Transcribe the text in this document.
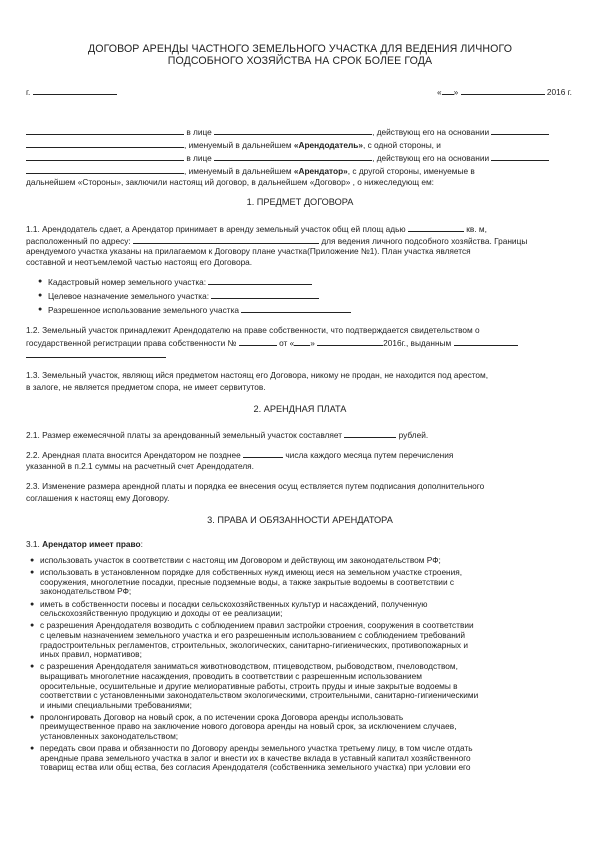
ДОГОВОР АРЕНДЫ ЧАСТНОГО ЗЕМЕЛЬНОГО УЧАСТКА ДЛЯ ВЕДЕНИЯ ЛИЧНОГО
ПОДСОБНОГО ХОЗЯЙСТВА НА СРОК БОЛЕЕ ГОДА
г.	« »	2016 г.
в лице	, действующ его на основании
, именуемый в дальнейшем «Арендодатель», с одной стороны, и
в лице	, действующ его на основании
, именуемый в дальнейшем «Арендатор», с другой стороны, именуемые в
дальнейшем «Стороны», заключили настоящ ий договор, в дальнейшем «Договор» , о нижеследующ ем:
1. ПРЕДМЕТ ДОГОВОРА
1.1. Арендодатель сдает, а Арендатор принимает в аренду земельный участок общ ей площ адью	кв. м,
расположенный по адресу:	для ведения личного подсобного хозяйства. Границы
арендуемого участка указаны на прилагаемом к Договору плане участка(Приложение №1). План участка является
составной и неотъемлемой частью настоящ его Договора.
● Кадастровый номер земельного участка:
● Целевое назначение земельного участка:
● Разрешенное использование земельного участка
1.2. Земельный участок принадлежит Арендодателю на праве собственности, что подтверждается свидетельством о
государственной регистрации права собственности №	от « »	2016г., выданным
1.3. Земельный участок, являющ ийся предметом настоящ его Договора, никому не продан, не находится под арестом,
в залоге, не является предметом спора, не имеет сервитутов.
2. АРЕНДНАЯ ПЛАТА
2.1. Размер ежемесячной платы за арендованный земельный участок составляет	рублей.
2.2. Арендная плата вносится Арендатором не позднее	числа каждого месяца путем перечисления
указанной в п.2.1 суммы на расчетный счет Арендодателя.
2.3. Изменение размера арендной платы и порядка ее внесения осущ ествляется путем подписания дополнительного
соглашения к настоящ ему Договору.
3. ПРАВА И ОБЯЗАННОСТИ АРЕНДАТОРА
3.1. Арендатор имеет право:
● использовать участок в соответствии с настоящ им Договором и действующ им законодательством РФ;
● использовать в установленном порядке для собственных нужд имеющ иеся на земельном участке строения,
сооружения, многолетние посадки, пресные подземные воды, а также закрытые водоемы в соответствии с
законодательством РФ;
● иметь в собственности посевы и посадки сельскохозяйственных культур и насаждений, полученную
сельскохозяйственную продукцию и доходы от ее реализации;
● с разрешения Арендодателя возводить с соблюдением правил застройки строения, сооружения в соответствии
с целевым назначением земельного участка и его разрешенным использованием с соблюдением требований
градостроительных регламентов, строительных, экологических, санитарно-гигиенических, противопожарных и
иных правил, нормативов;
● с разрешения Арендодателя заниматься животноводством, птицеводством, рыбоводством, пчеловодством,
выращивать многолетние насаждения, проводить в соответствии с разрешенным использованием
оросительные, осушительные и другие мелиоративные работы, строить пруды и иные закрытые водоемы в
соответствии с установленными законодательством экологическими, строительными, санитарно-гигиеническими
и иными специальными требованиями;
● пролонгировать Договор на новый срок, а по истечении срока Договора аренды использовать
преимущественное право на заключение нового договора аренды на новый срок, за исключением случаев,
установленных законодательством;
● передать свои права и обязанности по Договору аренды земельного участка третьему лицу, в том числе отдать
арендные права земельного участка в залог и внести их в качестве вклада в уставный капитал хозяйственного
товарищ ества или общ ества, без согласия Арендодателя (собственника земельного участка) при условии его
